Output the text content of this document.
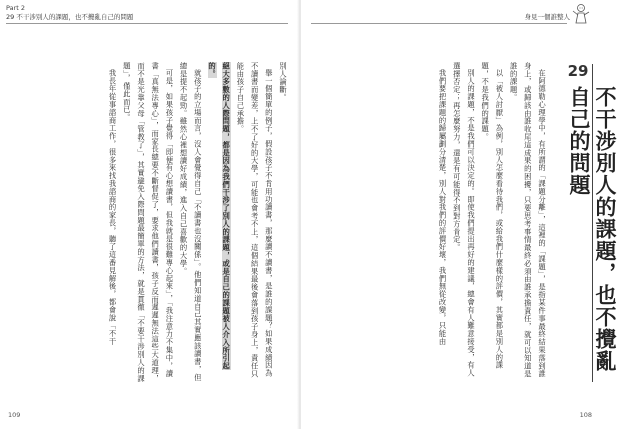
Part 2
29 不干涉別人的課題，也不攪亂自己的問題

別人論斷。

舉一個簡單的例子，假設孩子不肯用功讀書，那麼讀不讀書，是誰的課題？如果成績因為不讀書而變差，上不了好的大學，可能也會考不上，這個結果最後會落到孩子身上，責任只能由孩子自己承擔。

絕大多數的人際問題，都是因為我們干涉了別人的課題，或是自己的課題被人介入所引起的。

就孩子的立場而言，沒人會覺得自己「不讀書也沒關係」。他們知道自己其實應該讀書，但總是提不起勁。雖然心裡想讀好成績，進入自己喜歡的大學。

可是，如果孩子覺得「即便有心想讀書，但我就是很難專心起來」，「我注意力不集中，讀書「真無法專心」，而家長總要不斷督促了，要求他們讀書，孩子反而遲遲無法這些大道理，而不是光靠父母「管教了」，其實避免入際問題最簡單的方法，就是貫徹「不要干涉別人的課題」，僅此而已。

我長年從事諮商工作，很多來找我諮商的家長，聽了這番見解後，都會說「不干

109
身見一個誰整人

在阿德勒心理學中，有所謂的「課題分離」，這裡的「課題」，是指某件事最終結果落到誰身上，或歸該由誰收尾這成果的困擾，只要思考事情最終必須由誰承擔責任，就可以知道是誰的課題。

以「被人討厭」為例，別人怎麼看待我們，或給我們什麼樣的評價，其實都是別人的課題，不是我們的課題。

別人的課題，不是我們可以決定的。即使我們提出再好的建議，總會有人難意接受，有人選擇否定；再怎麼努力，還是有可能得不到對方肯定。

我們要把課題的歸屬劃分清楚，別人對我們的評價好壞，我們無從改變，只能由	29
不干涉別人的課題，也不攪亂自己的問題
108
